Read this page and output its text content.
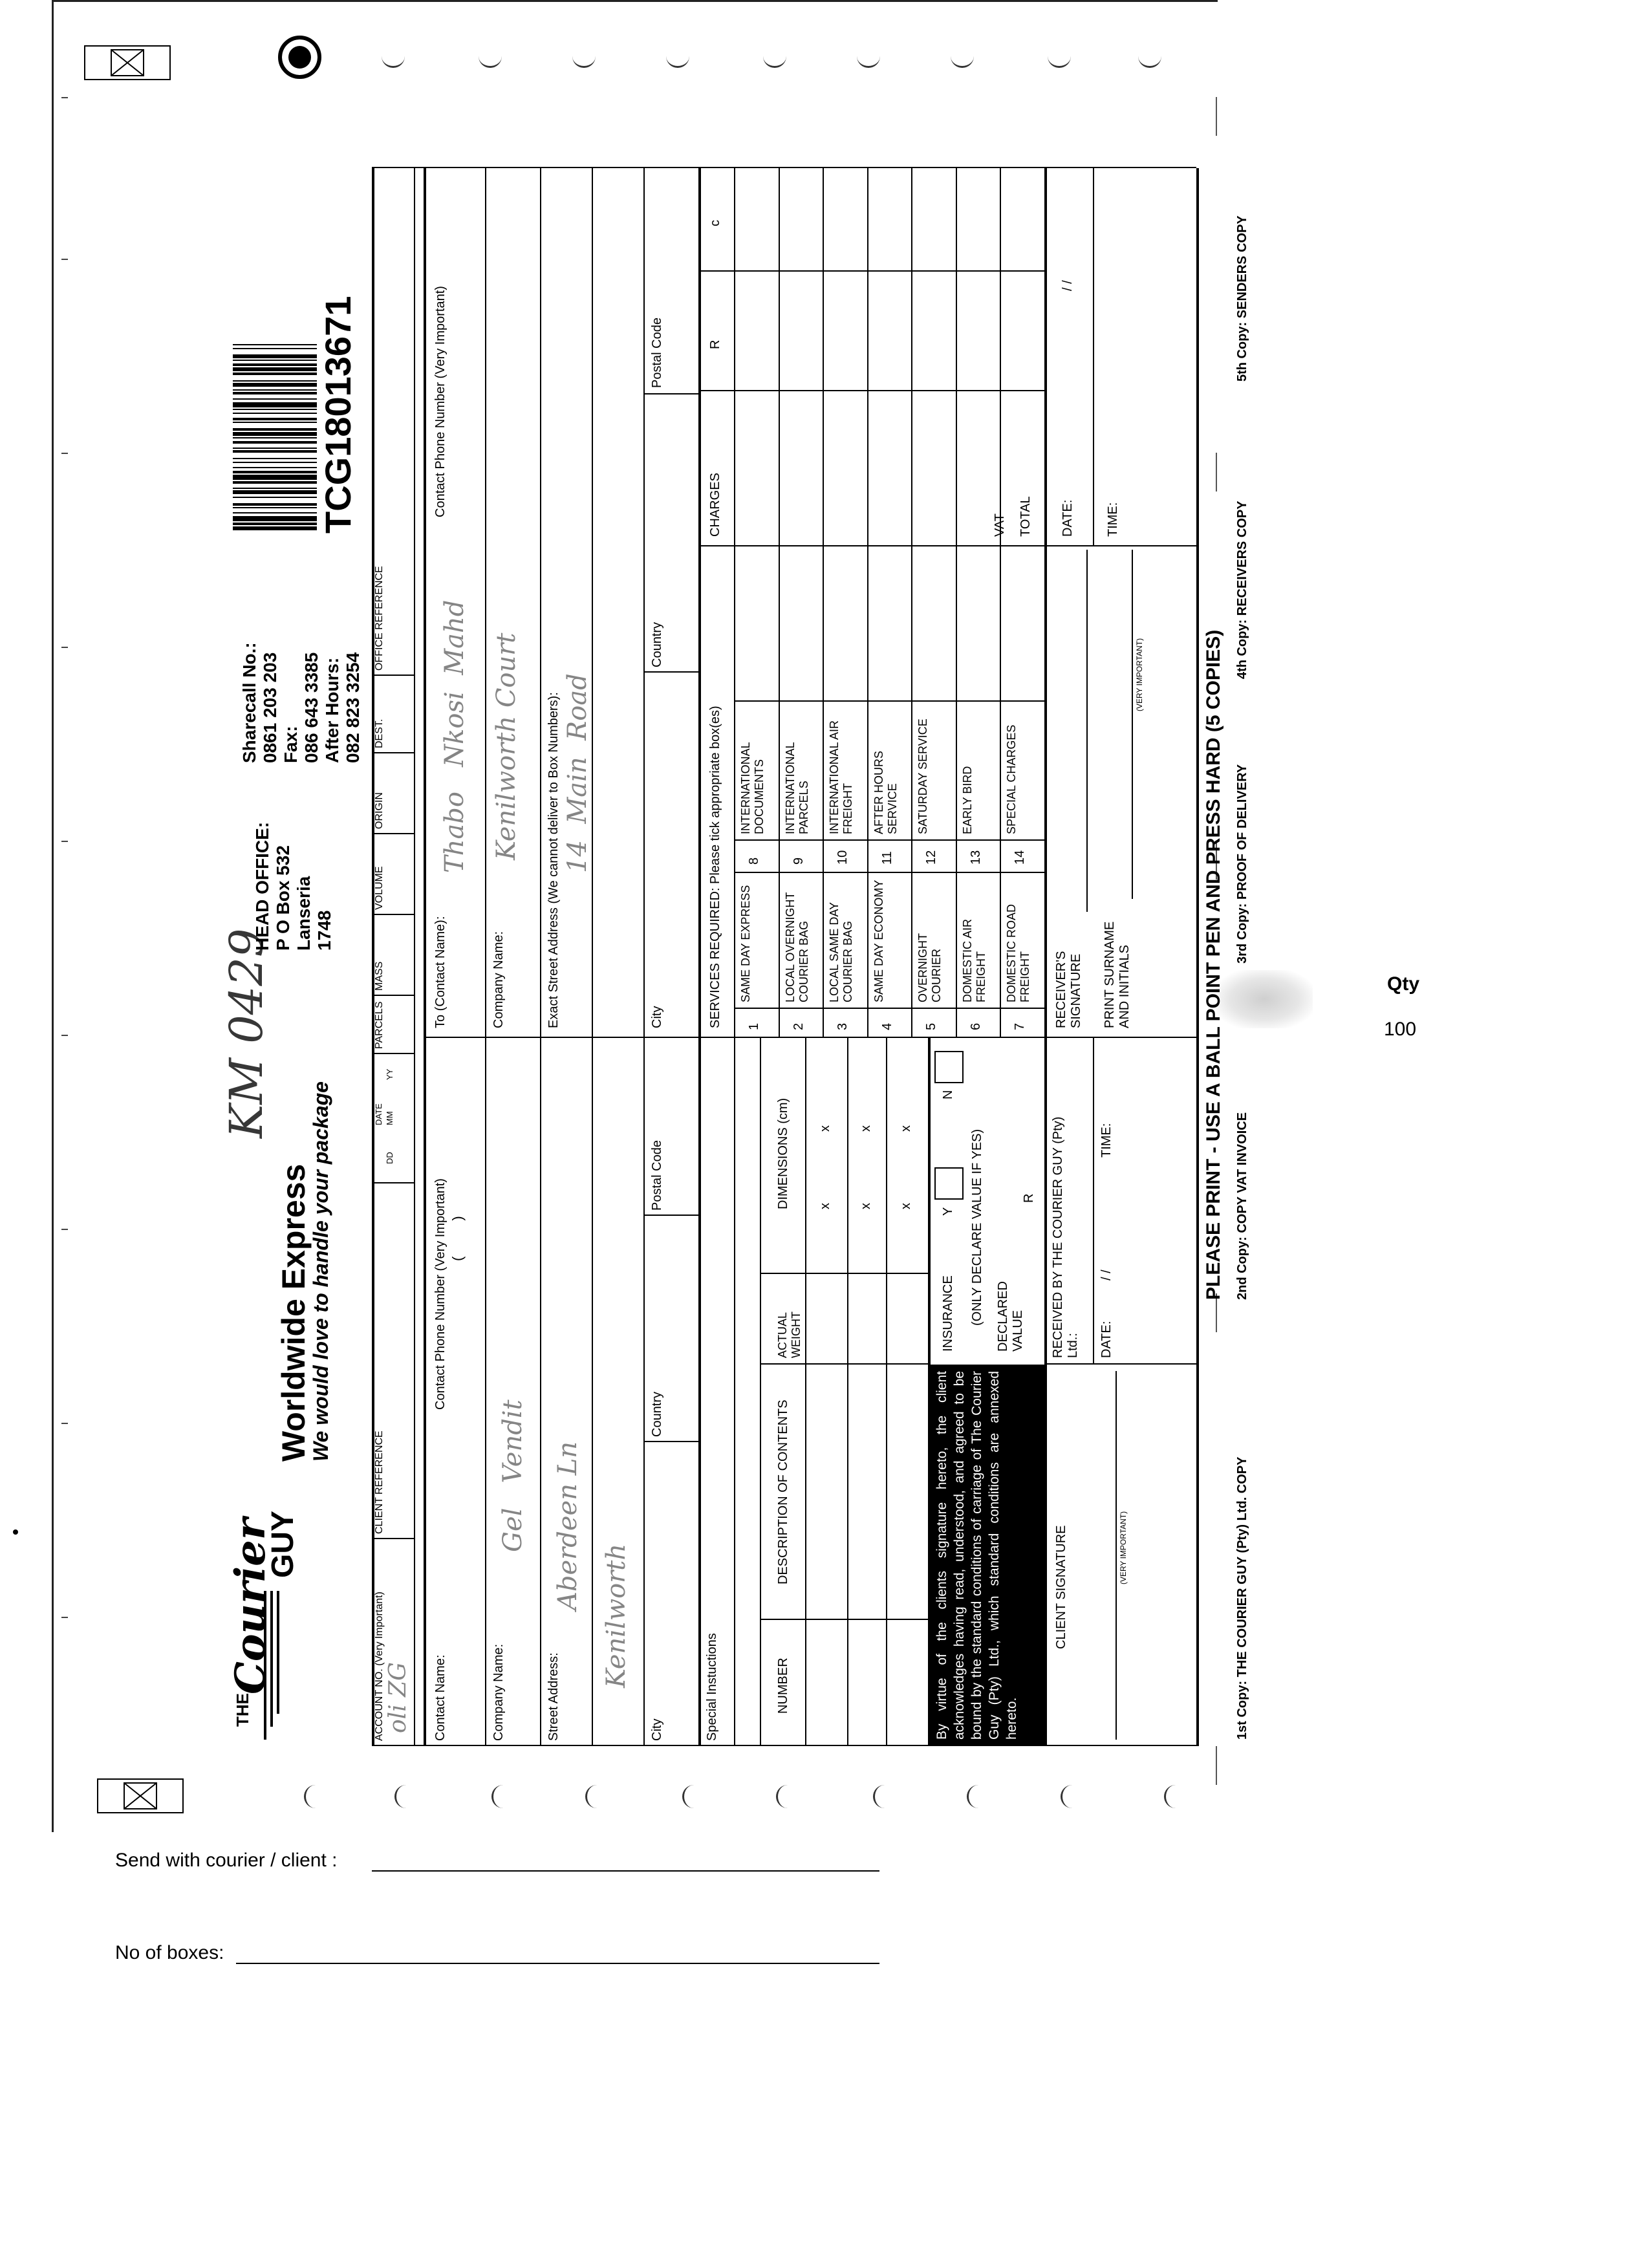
Qty
100
Send with courier / client :
No of boxes:
THE
Courier
GUY
Worldwide Express
We would love to handle your package
KM 0429
HEAD OFFICE: P O Box 532 Lanseria 1748
Sharecall No.: 0861 203 203 Fax: 086 643 3385 After Hours: 082 823 3254
TCG18013671
ACCOUNT NO. (Very Important) oli ZG
CLIENT REFERENCE
DATE
DD
MM
YY
PARCELS
MASS
VOLUME
ORIGIN
DEST.
OFFICE REFERENCE
Contact Name:
Contact Phone Number (Very Important) (         )
Company Name:
Gel   Vendit
Street Address:
Aberdeen Ln
Kenilworth
City
Country
Postal Code
Special Instuctions	NUMBER
DESCRIPTION OF CONTENTS
ACTUAL WEIGHT
DIMENSIONS (cm) x
x
x
x
x
x
By virtue of the clients signature hereto, the client acknowledges having read, understood, and agreed to be bound by the standard conditions of carriage of The Courier Guy (Pty) Ltd., which standard conditions are annexed hereto.
INSURANCE
Y
N
(ONLY DECLARE VALUE IF YES) DECLARED VALUE
R
CLIENT SIGNATURE	(VERY IMPORTANT)
RECEIVED BY THE COURIER GUY (Pty) Ltd.: DATE:
/ /
TIME:
To (Contact Name):
Contact Phone Number (Very Important)
Thabo   Nkosi  Mahd
Company Name:
Kenilworth Court Exact Street Address (We cannot deliver to Box Numbers): 14  Main  Road
City
Country
Postal Code
SERVICES REQUIRED: Please tick appropriate box(es)
CHARGES
R
c
RECEIVER'S SIGNATURE PRINT SURNAME AND INITIALS
(VERY IMPORTANT)
DATE:
/ /
TIME:
PLEASE PRINT - USE A BALL POINT PEN AND PRESS HARD (5 COPIES)
1st Copy: THE COURIER GUY (Pty) Ltd. COPY
2nd Copy: COPY VAT INVOICE
3rd Copy: PROOF OF DELIVERY
4th Copy: RECEIVERS COPY
5th Copy: SENDERS COPY
1
SAME DAY EXPRESS
8
INTERNATIONAL DOCUMENTS
2
LOCAL OVERNIGHT COURIER BAG
9
INTERNATIONAL PARCELS
3
LOCAL SAME DAY COURIER BAG
10
INTERNATIONAL AIR FREIGHT
4
SAME DAY ECONOMY
11
AFTER HOURS SERVICE
5
OVERNIGHT COURIER
12
SATURDAY SERVICE
6
DOMESTIC AIR FREIGHT
13
EARLY BIRD
7
DOMESTIC ROAD FREIGHT
14
SPECIAL CHARGES
VAT TOTAL
